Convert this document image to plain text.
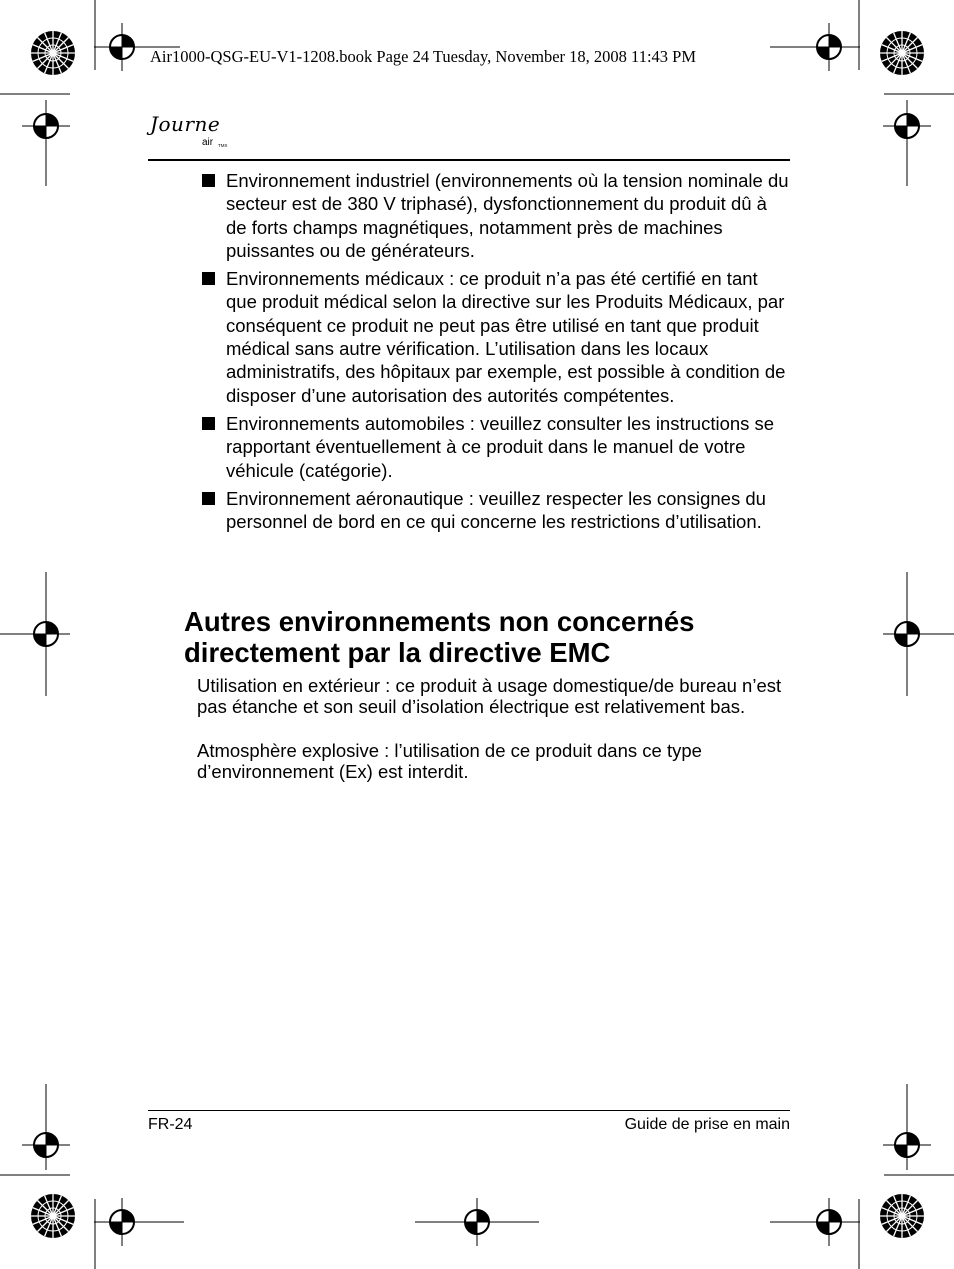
Air1000-QSG-EU-V1-1208.book Page 24 Tuesday, November 18, 2008 11:43 PM
Journe
air TMX
Environnement industriel (environnements où la tension nominale du secteur est de 380 V triphasé), dysfonctionnement du produit dû à de forts champs magnétiques, notamment près de machines puissantes ou de générateurs.
Environnements médicaux : ce produit n’a pas été certifié en tant que produit médical selon la directive sur les Produits Médicaux, par conséquent ce produit ne peut pas être utilisé en tant que produit médical sans autre vérification. L’utilisation dans les locaux administratifs, des hôpitaux par exemple, est possible à condition de disposer d’une autorisation des autorités compétentes.
Environnements automobiles : veuillez consulter les instructions se rapportant éventuellement à ce produit dans le manuel de votre véhicule (catégorie).
Environnement aéronautique : veuillez respecter les consignes du personnel de bord en ce qui concerne les restrictions d’utilisation.
Autres environnements non concernés directement par la directive EMC

Utilisation en extérieur : ce produit à usage domestique/de bureau n’est pas étanche et son seuil d’isolation électrique est relativement bas.

Atmosphère explosive : l’utilisation de ce produit dans ce type d’environnement (Ex) est interdit.

FR-24	Guide de prise en main
